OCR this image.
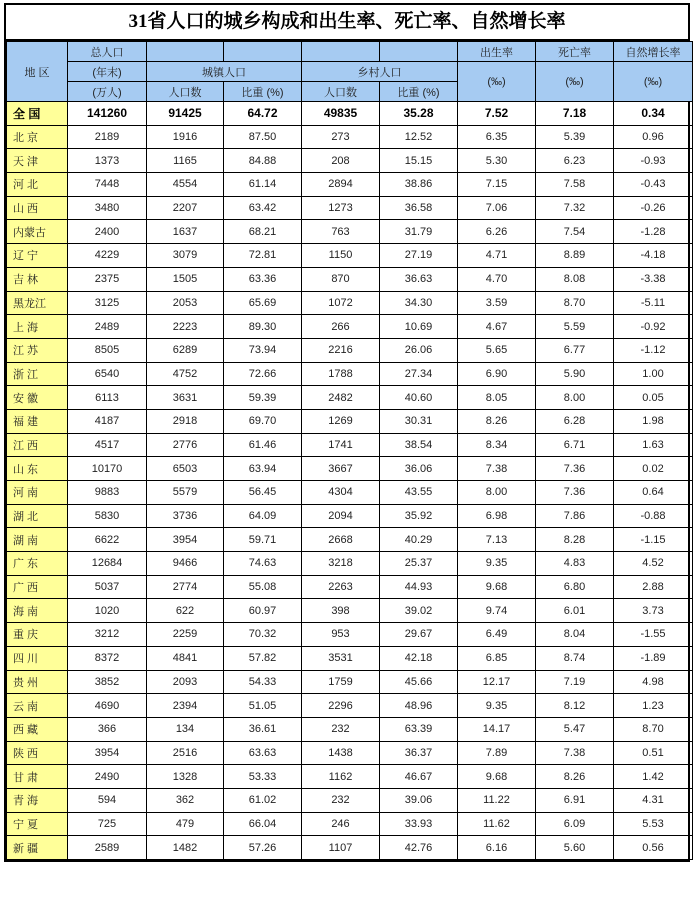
31省人口的城乡构成和出生率、死亡率、自然增长率
地 区	总人口					出生率	死亡率	自然增长率
	(年末)	城镇人口		乡村人口		(‰)	(‰)	(‰)
	(万人)	人口数	比重 (%)	人口数	比重 (%)			
全 国	141260	91425	64.72	49835	35.28	7.52	7.18	0.34
北 京	2189	1916	87.50	273	12.52	6.35	5.39	0.96
天 津	1373	1165	84.88	208	15.15	5.30	6.23	-0.93
河 北	7448	4554	61.14	2894	38.86	7.15	7.58	-0.43
山 西	3480	2207	63.42	1273	36.58	7.06	7.32	-0.26
内蒙古	2400	1637	68.21	763	31.79	6.26	7.54	-1.28
辽 宁	4229	3079	72.81	1150	27.19	4.71	8.89	-4.18
吉 林	2375	1505	63.36	870	36.63	4.70	8.08	-3.38
黑龙江	3125	2053	65.69	1072	34.30	3.59	8.70	-5.11
上 海	2489	2223	89.30	266	10.69	4.67	5.59	-0.92
江 苏	8505	6289	73.94	2216	26.06	5.65	6.77	-1.12
浙 江	6540	4752	72.66	1788	27.34	6.90	5.90	1.00
安 徽	6113	3631	59.39	2482	40.60	8.05	8.00	0.05
福 建	4187	2918	69.70	1269	30.31	8.26	6.28	1.98
江 西	4517	2776	61.46	1741	38.54	8.34	6.71	1.63
山 东	10170	6503	63.94	3667	36.06	7.38	7.36	0.02
河 南	9883	5579	56.45	4304	43.55	8.00	7.36	0.64
湖 北	5830	3736	64.09	2094	35.92	6.98	7.86	-0.88
湖 南	6622	3954	59.71	2668	40.29	7.13	8.28	-1.15
广 东	12684	9466	74.63	3218	25.37	9.35	4.83	4.52
广 西	5037	2774	55.08	2263	44.93	9.68	6.80	2.88
海 南	1020	622	60.97	398	39.02	9.74	6.01	3.73
重 庆	3212	2259	70.32	953	29.67	6.49	8.04	-1.55
四 川	8372	4841	57.82	3531	42.18	6.85	8.74	-1.89
贵 州	3852	2093	54.33	1759	45.66	12.17	7.19	4.98
云 南	4690	2394	51.05	2296	48.96	9.35	8.12	1.23
西 藏	366	134	36.61	232	63.39	14.17	5.47	8.70
陕 西	3954	2516	63.63	1438	36.37	7.89	7.38	0.51
甘 肃	2490	1328	53.33	1162	46.67	9.68	8.26	1.42
青 海	594	362	61.02	232	39.06	11.22	6.91	4.31
宁 夏	725	479	66.04	246	33.93	11.62	6.09	5.53
新 疆	2589	1482	57.26	1107	42.76	6.16	5.60	0.56
